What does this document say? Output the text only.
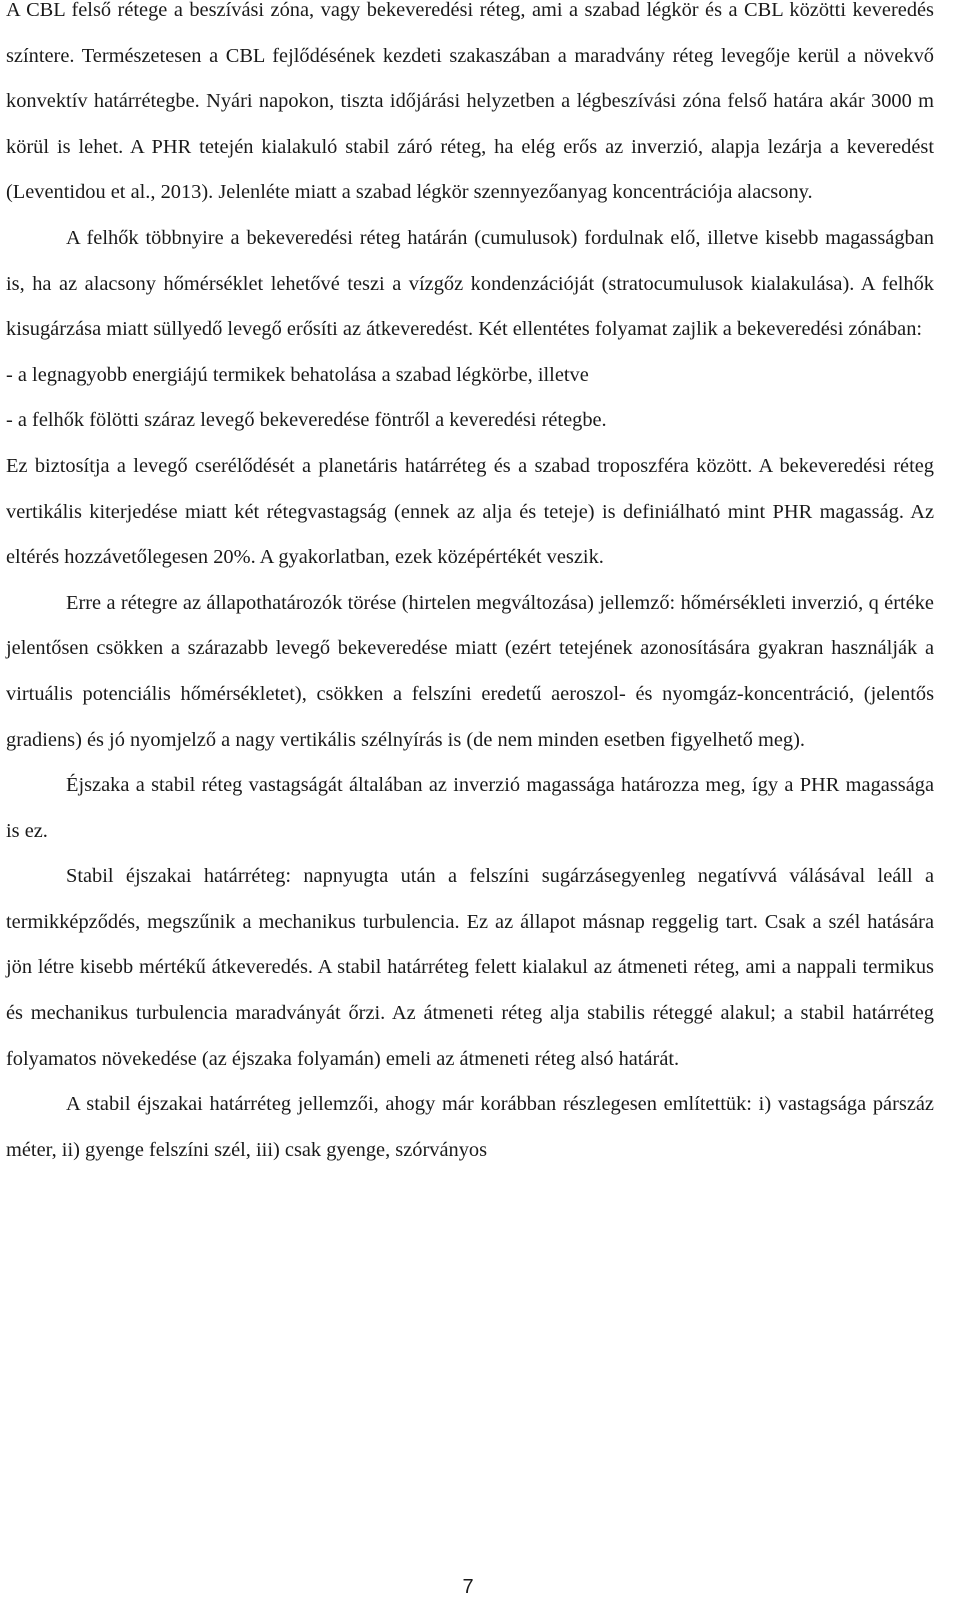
A CBL felső rétege a beszívási zóna, vagy bekeveredési réteg, ami a szabad légkör és a CBL közötti keveredés színtere. Természetesen a CBL fejlődésének kezdeti szakaszában a maradvány réteg levegője kerül a növekvő konvektív határrétegbe. Nyári napokon, tiszta időjárási helyzetben a légbeszívási zóna felső határa akár 3000 m körül is lehet. A PHR tetején kialakuló stabil záró réteg, ha elég erős az inverzió, alapja lezárja a keveredést (Leventidou et al., 2013). Jelenléte miatt a szabad légkör szennyezőanyag koncentrációja alacsony.

A felhők többnyire a bekeveredési réteg határán (cumulusok) fordulnak elő, illetve kisebb magasságban is, ha az alacsony hőmérséklet lehetővé teszi a vízgőz kondenzációját (stratocumulusok kialakulása). A felhők kisugárzása miatt süllyedő levegő erősíti az átkeveredést. Két ellentétes folyamat zajlik a bekeveredési zónában:

- a legnagyobb energiájú termikek behatolása a szabad légkörbe, illetve

- a felhők fölötti száraz levegő bekeveredése föntről a keveredési rétegbe.

Ez biztosítja a levegő cserélődését a planetáris határréteg és a szabad troposzféra között. A bekeveredési réteg vertikális kiterjedése miatt két rétegvastagság (ennek az alja és teteje) is definiálható mint PHR magasság. Az eltérés hozzávetőlegesen 20%. A gyakorlatban, ezek középértékét veszik.

Erre a rétegre az állapothatározók törése (hirtelen megváltozása) jellemző: hőmérsékleti inverzió, q értéke jelentősen csökken a szárazabb levegő bekeveredése miatt (ezért tetejének azonosítására gyakran használják a virtuális potenciális hőmérsékletet), csökken a felszíni eredetű aeroszol- és nyomgáz-koncentráció, (jelentős gradiens) és jó nyomjelző a nagy vertikális szélnyírás is (de nem minden esetben figyelhető meg).

Éjszaka a stabil réteg vastagságát általában az inverzió magassága határozza meg, így a PHR magassága is ez.

Stabil éjszakai határréteg: napnyugta után a felszíni sugárzásegyenleg negatívvá válásával leáll a termikképződés, megszűnik a mechanikus turbulencia. Ez az állapot másnap reggelig tart. Csak a szél hatására jön létre kisebb mértékű átkeveredés. A stabil határréteg felett kialakul az átmeneti réteg, ami a nappali termikus és mechanikus turbulencia maradványát őrzi. Az átmeneti réteg alja stabilis réteggé alakul; a stabil határréteg folyamatos növekedése (az éjszaka folyamán) emeli az átmeneti réteg alsó határát.

A stabil éjszakai határréteg jellemzői, ahogy már korábban részlegesen említettük: i) vastagsága párszáz méter, ii) gyenge felszíni szél, iii) csak gyenge, szórványos

7
